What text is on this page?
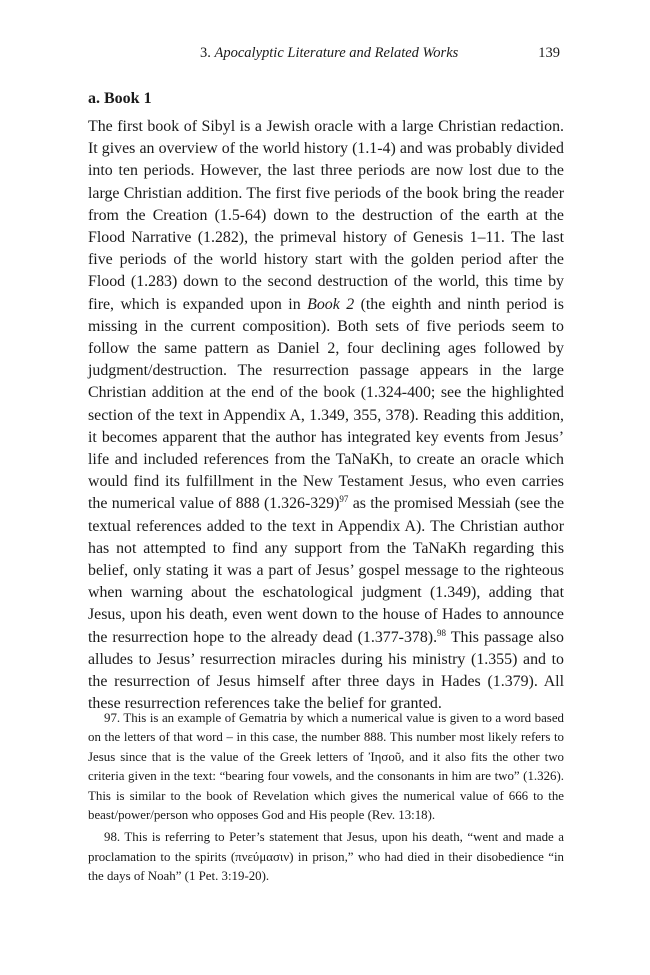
3. Apocalyptic Literature and Related Works	139
a. Book 1

The first book of Sibyl is a Jewish oracle with a large Christian redaction. It gives an overview of the world history (1.1-4) and was probably divided into ten periods. However, the last three periods are now lost due to the large Christian addition. The first five periods of the book bring the reader from the Creation (1.5-64) down to the destruction of the earth at the Flood Narrative (1.282), the primeval history of Genesis 1–11. The last five periods of the world history start with the golden period after the Flood (1.283) down to the second destruction of the world, this time by fire, which is expanded upon in Book 2 (the eighth and ninth period is missing in the current composition). Both sets of five periods seem to follow the same pattern as Daniel 2, four declining ages followed by judgment/destruction. The resurrection passage appears in the large Christian addition at the end of the book (1.324-400; see the highlighted section of the text in Appendix A, 1.349, 355, 378). Reading this addition, it becomes apparent that the author has integrated key events from Jesus’ life and included references from the TaNaKh, to create an oracle which would find its fulfillment in the New Testament Jesus, who even carries the numerical value of 888 $(1.326-329)^{97}$ as the promised Messiah (see the textual references added to the text in Appendix A). The Christian author has not attempted to find any support from the TaNaKh regarding this belief, only stating it was a part of Jesus’ gospel message to the righteous when warning about the eschatological judgment (1.349), adding that Jesus, upon his death, even went down to the house of Hades to announce the resurrection hope to the already dead (1.377-378).$^{98}$ This passage also alludes to Jesus’ resurrection miracles during his ministry (1.355) and to the resurrection of Jesus himself after three days in Hades (1.379). All these resurrection references take the belief for granted.

97. This is an example of Gematria by which a numerical value is given to a word based on the letters of that word – in this case, the number 888. This number most likely refers to Jesus since that is the value of the Greek letters of Ἰησοῦ, and it also fits the other two criteria given in the text: “bearing four vowels, and the consonants in him are two” (1.326). This is similar to the book of Revelation which gives the numerical value of 666 to the beast/power/person who opposes God and His people (Rev. 13:18).

98. This is referring to Peter’s statement that Jesus, upon his death, “went and made a proclamation to the spirits (πνεύμασιν) in prison,” who had died in their disobedience “in the days of Noah” (1 Pet. 3:19-20).
